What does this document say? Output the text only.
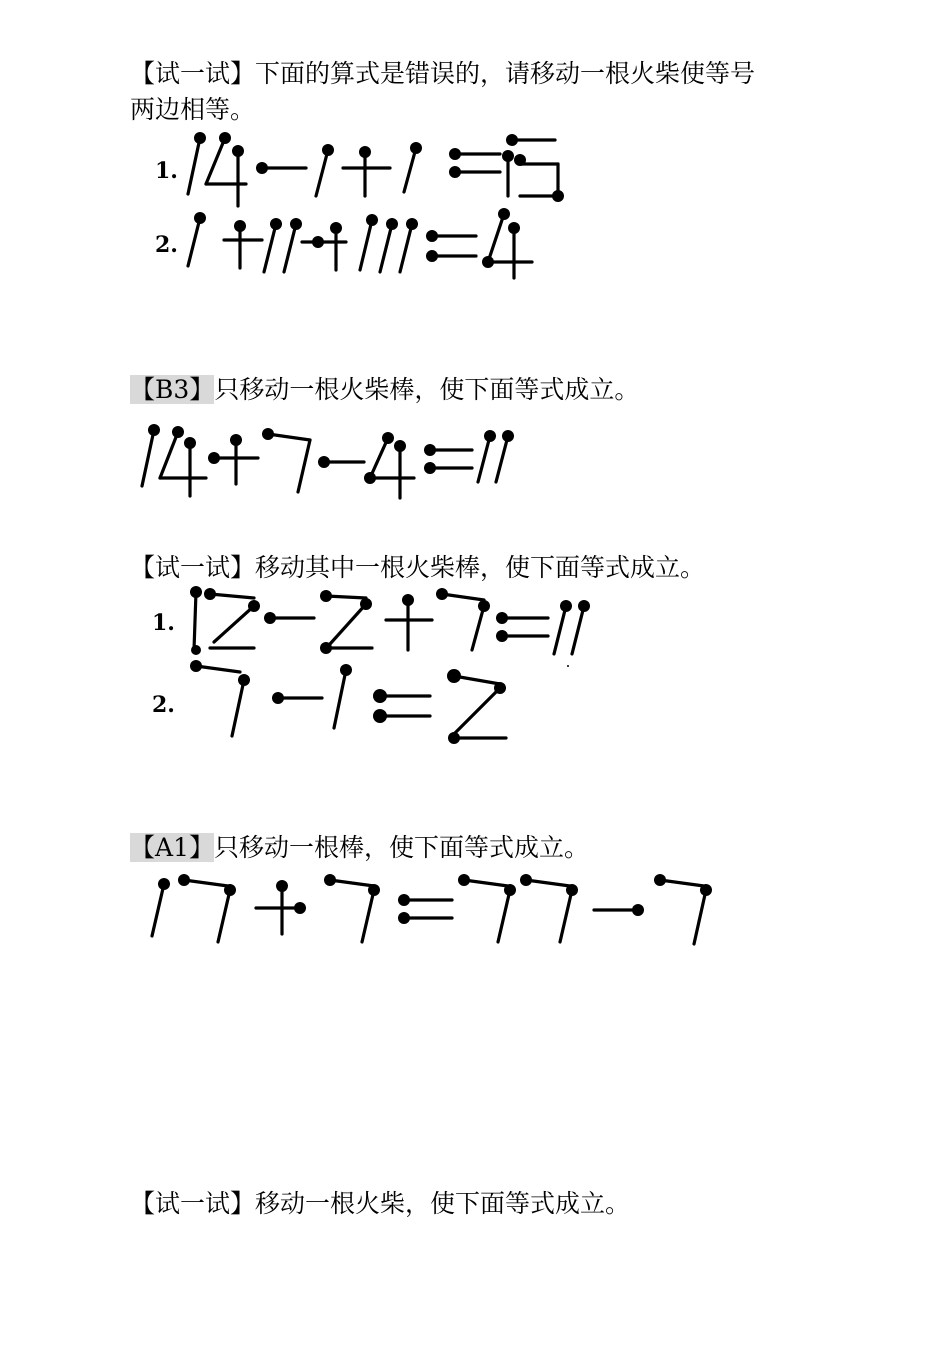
【试一试】下面的算式是错误的，请移动一根火柴使等号
两边相等。
1.
2.
【B3】只移动一根火柴棒，使下面等式成立。
【试一试】移动其中一根火柴棒，使下面等式成立。
1.
2.
【A1】只移动一根棒，使下面等式成立。
【试一试】移动一根火柴，使下面等式成立。
